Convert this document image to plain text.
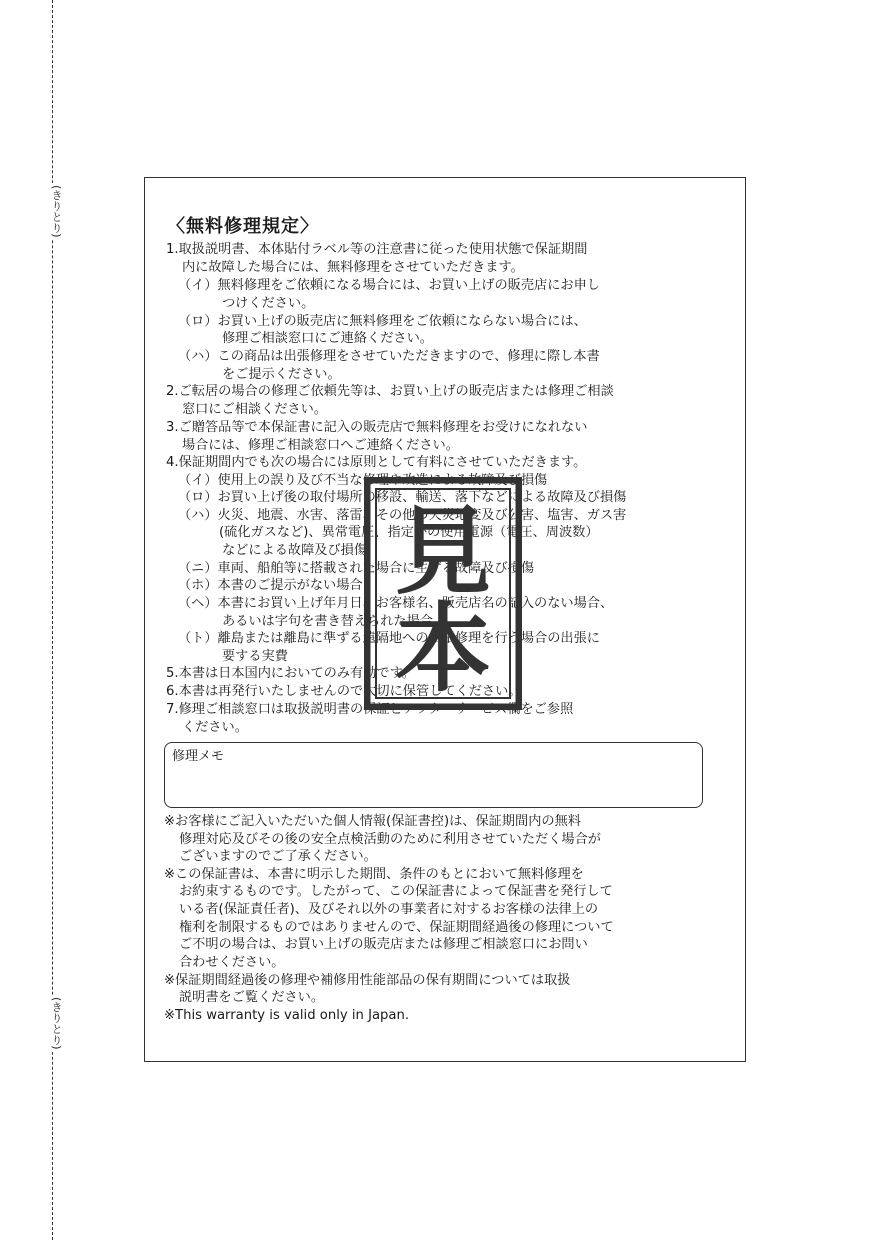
(きりとり)
(きりとり)
〈無料修理規定〉
1.取扱説明書、本体貼付ラベル等の注意書に従った使用状態で保証期間
内に故障した場合には、無料修理をさせていただきます。
（イ）無料修理をご依頼になる場合には、お買い上げの販売店にお申し
つけください。
（ロ）お買い上げの販売店に無料修理をご依頼にならない場合には、
修理ご相談窓口にご連絡ください。
（ハ）この商品は出張修理をさせていただきますので、修理に際し本書
をご提示ください。
2.ご転居の場合の修理ご依頼先等は、お買い上げの販売店または修理ご相談
窓口にご相談ください。
3.ご贈答品等で本保証書に記入の販売店で無料修理をお受けになれない
場合には、修理ご相談窓口へご連絡ください。
4.保証期間内でも次の場合には原則として有料にさせていただきます。
（イ）使用上の誤り及び不当な修理や改造による故障及び損傷
（ロ）お買い上げ後の取付場所の移設、輸送、落下などによる故障及び損傷
（ハ）火災、地震、水害、落雷、その他の天災地変及び公害、塩害、ガス害
(硫化ガスなど)、異常電圧、指定外の使用電源（電圧、周波数）
などによる故障及び損傷
（ニ）車両、船舶等に搭載された場合に生ずる故障及び損傷
（ホ）本書のご提示がない場合
（ヘ）本書にお買い上げ年月日、お客様名、販売店名の記入のない場合、
あるいは字句を書き替えられた場合
（ト）離島または離島に準ずる遠隔地への出張修理を行う場合の出張に
要する実費
5.本書は日本国内においてのみ有効です。
6.本書は再発行いたしませんので大切に保管してください。
7.修理ご相談窓口は取扱説明書の保証とアフターサービス欄をご参照
ください。
修理メモ
※お客様にご記入いただいた個人情報(保証書控)は、保証期間内の無料
修理対応及びその後の安全点検活動のために利用させていただく場合が
ございますのでご了承ください。
※この保証書は、本書に明示した期間、条件のもとにおいて無料修理を
お約束するものです。したがって、この保証書によって保証書を発行して
いる者(保証責任者)、及びそれ以外の事業者に対するお客様の法律上の
権利を制限するものではありませんので、保証期間経過後の修理について
ご不明の場合は、お買い上げの販売店または修理ご相談窓口にお問い
合わせください。
※保証期間経過後の修理や補修用性能部品の保有期間については取扱
説明書をご覧ください。
※This warranty is valid only in Japan.
見
本
